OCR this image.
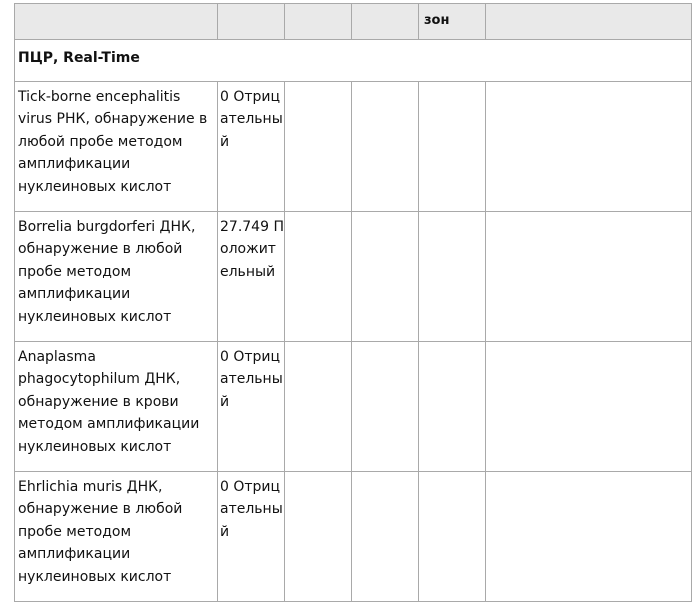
				зон	

ПЦР, Real-Time					

Tick-borne encephalitis virus РНК, обнаружение в любой пробе методом амплификации нуклеиновых кислот	0 Отрицательный				

Borrelia burgdorferi ДНК, обнаружение в любой пробе методом амплификации нуклеиновых кислот	27.749 Положительный				

Anaplasma phagocytophilum ДНК, обнаружение в крови методом амплификации нуклеиновых кислот	0 Отрицательный				

Ehrlichia muris ДНК, обнаружение в любой пробе методом амплификации нуклеиновых кислот	0 Отрицательный				
